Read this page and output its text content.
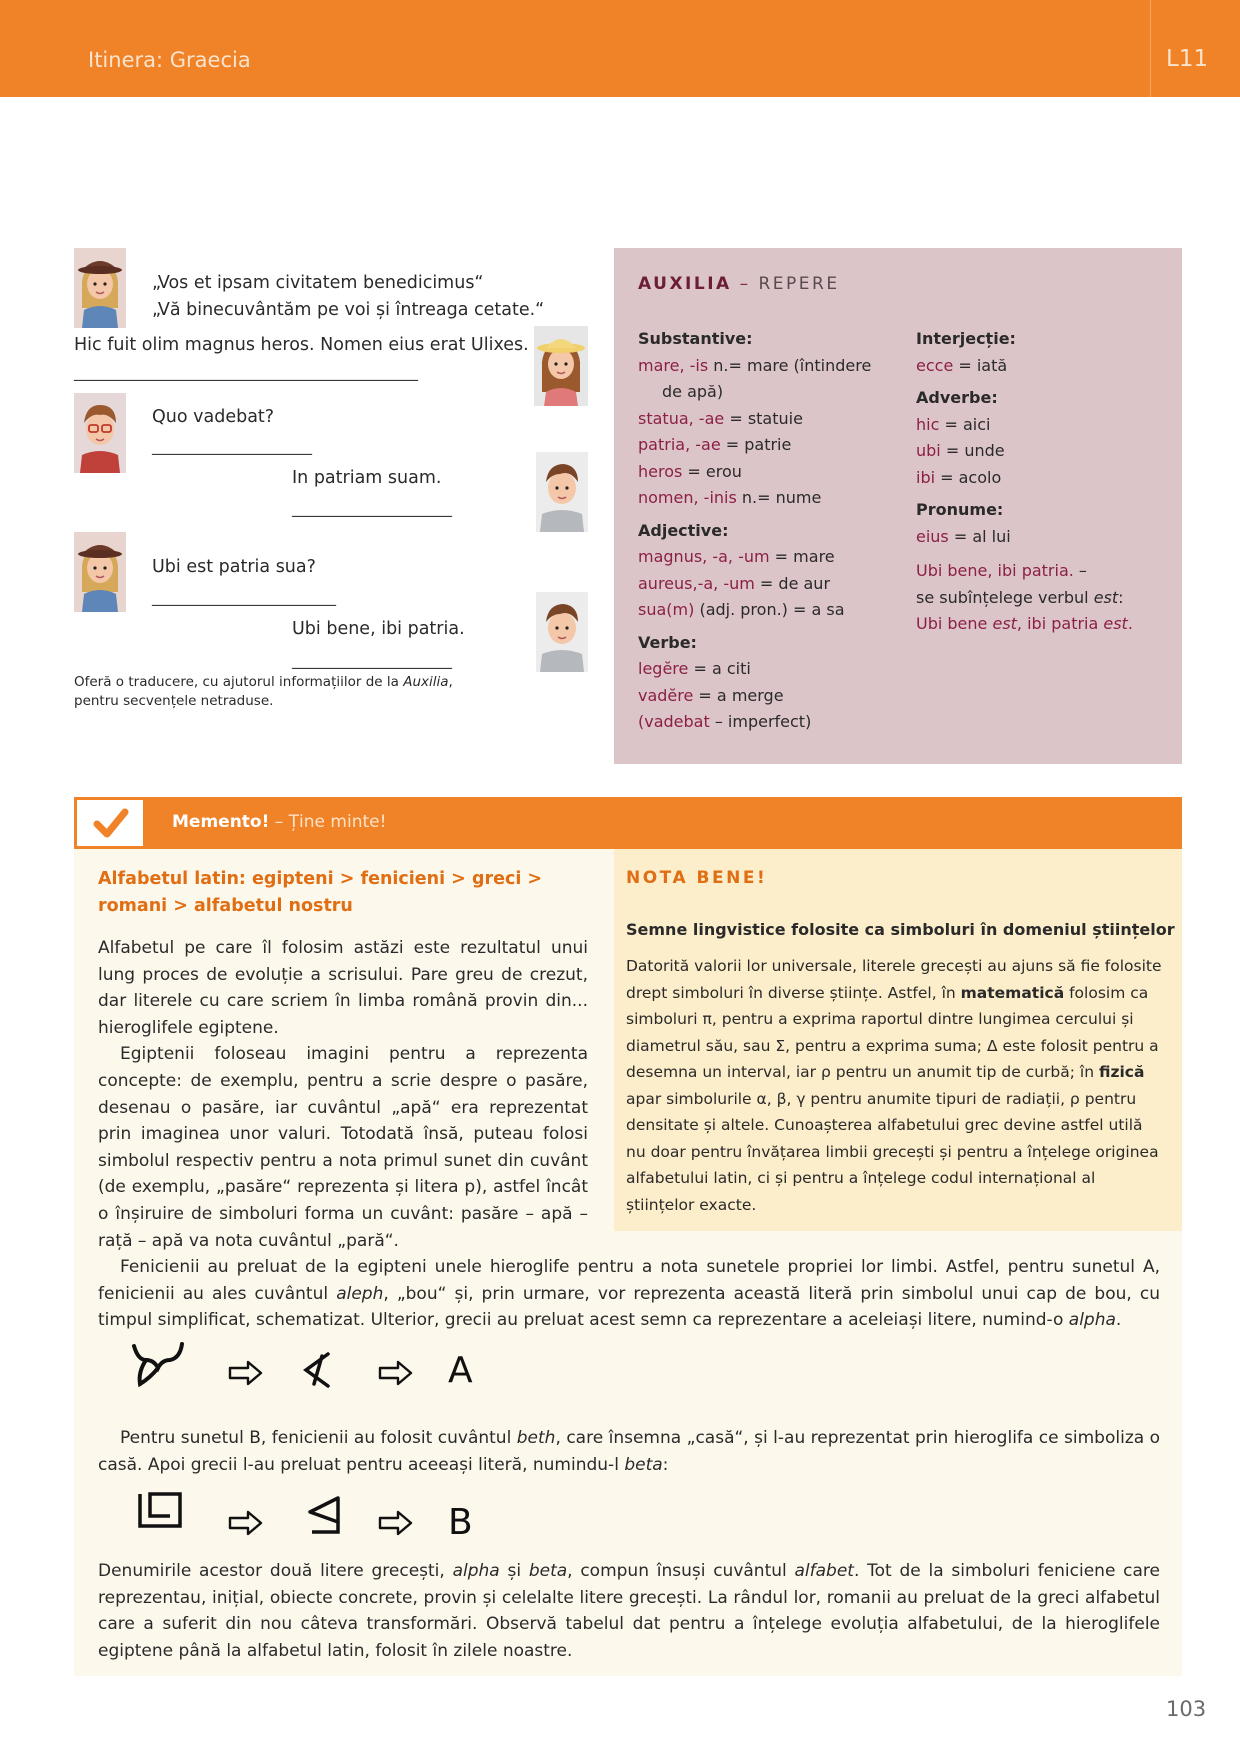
Itinera: Graecia	L11
„Vos et ipsam civitatem benedicimus“
„Vă binecuvântăm pe voi și întreaga cetate.“
Hic fuit olim magnus heros. Nomen eius erat Ulixes.
___________________________________________
Quo vadebat?
____________________
In patriam suam.
____________________
Ubi est patria sua?
_______________________
Ubi bene, ibi patria.
____________________
Oferă o traducere, cu ajutorul informațiilor de la Auxilia, pentru secvențele netraduse.
AUXILIA – REPERE
Substantive:
mare, -is n.= mare (întindere
de apă)
statua, -ae = statuie
patria, -ae = patrie
heros = erou
nomen, -inis n.= nume
Adjective:
magnus, -a, -um = mare
aureus,-a, -um = de aur
sua(m) (adj. pron.) = a sa
Verbe:
legĕre = a citi
vadĕre = a merge
(vadebat – imperfect)
Interjecție:
ecce = iată
Adverbe:
hic = aici
ubi = unde
ibi = acolo
Pronume:
eius = al lui
Ubi bene, ibi patria. –
se subînțelege verbul est:
Ubi bene est, ibi patria est.
Memento! – Ține minte!
Alfabetul latin: egipteni > fenicieni > greci > romani > alfabetul nostru
Alfabetul pe care îl folosim astăzi este rezultatul unui lung proces de evoluție a scrisului. Pare greu de crezut, dar literele cu care scriem în limba română provin din... hieroglifele egiptene.
Egiptenii foloseau imagini pentru a reprezenta concepte: de exemplu, pentru a scrie despre o pasăre, desenau o pasăre, iar cuvântul „apă“ era reprezentat prin imaginea unor valuri. Totodată însă, puteau folosi simbolul respectiv pentru a nota primul sunet din cuvânt (de exemplu, „pasăre“ reprezenta și litera p), astfel încât o înșiruire de simboluri forma un cuvânt: pasăre – apă – rață – apă va nota cuvântul „pară“.
NOTA BENE!
Semne lingvistice folosite ca simboluri în domeniul științelor
Datorită valorii lor universale, literele grecești au ajuns să fie folosite drept simboluri în diverse științe. Astfel, în matematică folosim ca simboluri π, pentru a exprima raportul dintre lungimea cercului și diametrul său, sau Σ, pentru a exprima suma; Δ este folosit pentru a desemna un interval, iar ρ pentru un anumit tip de curbă; în fizică apar simbolurile α, β, γ pentru anumite tipuri de radiații, ρ pentru densitate și altele. Cunoașterea alfabetului grec devine astfel utilă nu doar pentru învățarea limbii grecești și pentru a înțelege originea alfabetului latin, ci și pentru a înțelege codul internațional al științelor exacte.
Fenicienii au preluat de la egipteni unele hieroglife pentru a nota sunetele propriei lor limbi. Astfel, pentru sunetul A, fenicienii au ales cuvântul aleph, „bou“ și, prin urmare, vor reprezenta această literă prin simbolul unui cap de bou, cu timpul simplificat, schematizat. Ulterior, grecii au preluat acest semn ca reprezentare a aceleiași litere, numind-o alpha.
A
Pentru sunetul B, fenicienii au folosit cuvântul beth, care însemna „casă“, și l-au reprezentat prin hieroglifa ce simboliza o casă. Apoi grecii l-au preluat pentru aceeași literă, numindu-l beta:
B
Denumirile acestor două litere grecești, alpha și beta, compun însuși cuvântul alfabet. Tot de la simboluri feniciene care reprezentau, inițial, obiecte concrete, provin și celelalte litere grecești. La rândul lor, romanii au preluat de la greci alfabetul care a suferit din nou câteva transformări. Observă tabelul dat pentru a înțelege evoluția alfabetului, de la hieroglifele egiptene până la alfabetul latin, folosit în zilele noastre.
103
